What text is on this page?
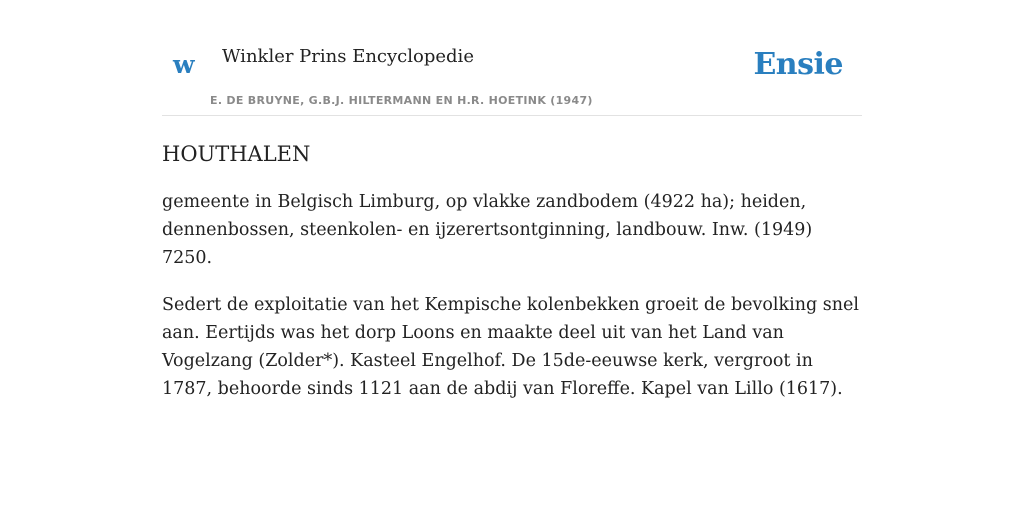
w Winkler Prins Encyclopedie
E. DE BRUYNE, G.B.J. HILTERMANN EN H.R. HOETINK (1947)
Ensie
HOUTHALEN

gemeente in Belgisch Limburg, op vlakke zandbodem (4922 ha); heiden, dennenbossen, steenkolen- en ijzerertsontginning, landbouw. Inw. (1949) 7250.

Sedert de exploitatie van het Kempische kolenbekken groeit de bevolking snel aan. Eertijds was het dorp Loons en maakte deel uit van het Land van Vogelzang (Zolder*). Kasteel Engelhof. De 15de-eeuwse kerk, vergroot in 1787, behoorde sinds 1121 aan de abdij van Floreffe. Kapel van Lillo (1617).
